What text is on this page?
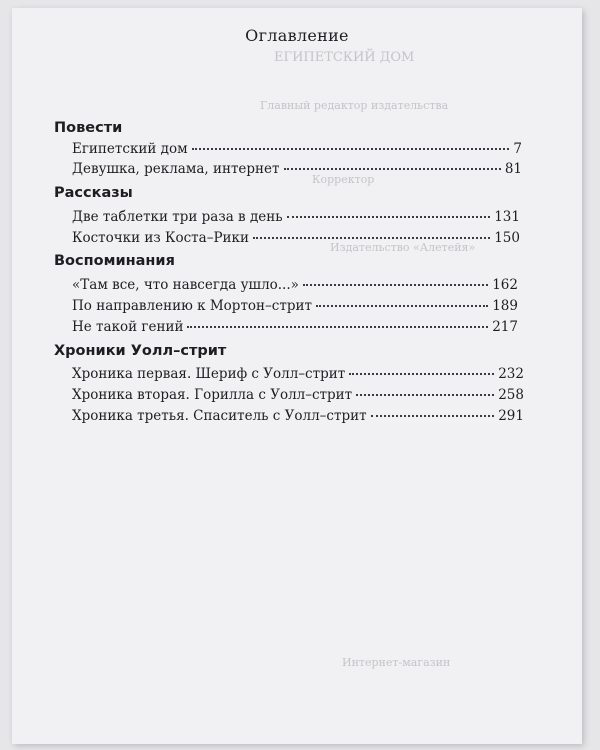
ЕГИПЕТСКИЙ ДОМ
Главный редактор издательства
Корректор
Издательство «Алетейя»
Интернет-магазин
Оглавление
Повести
Египетский дом	7
Девушка, реклама, интернет	81
Рассказы
Две таблетки три раза в день	131
Косточки из Коста–Рики	150
Воспоминания
«Там все, что навсегда ушло...»	162
По направлению к Мортон–стрит	189
Не такой гений	217
Хроники Уолл–стрит
Хроника первая. Шериф с Уолл–стрит	232
Хроника вторая. Горилла с Уолл–стрит	258
Хроника третья. Спаситель с Уолл–стрит	291
